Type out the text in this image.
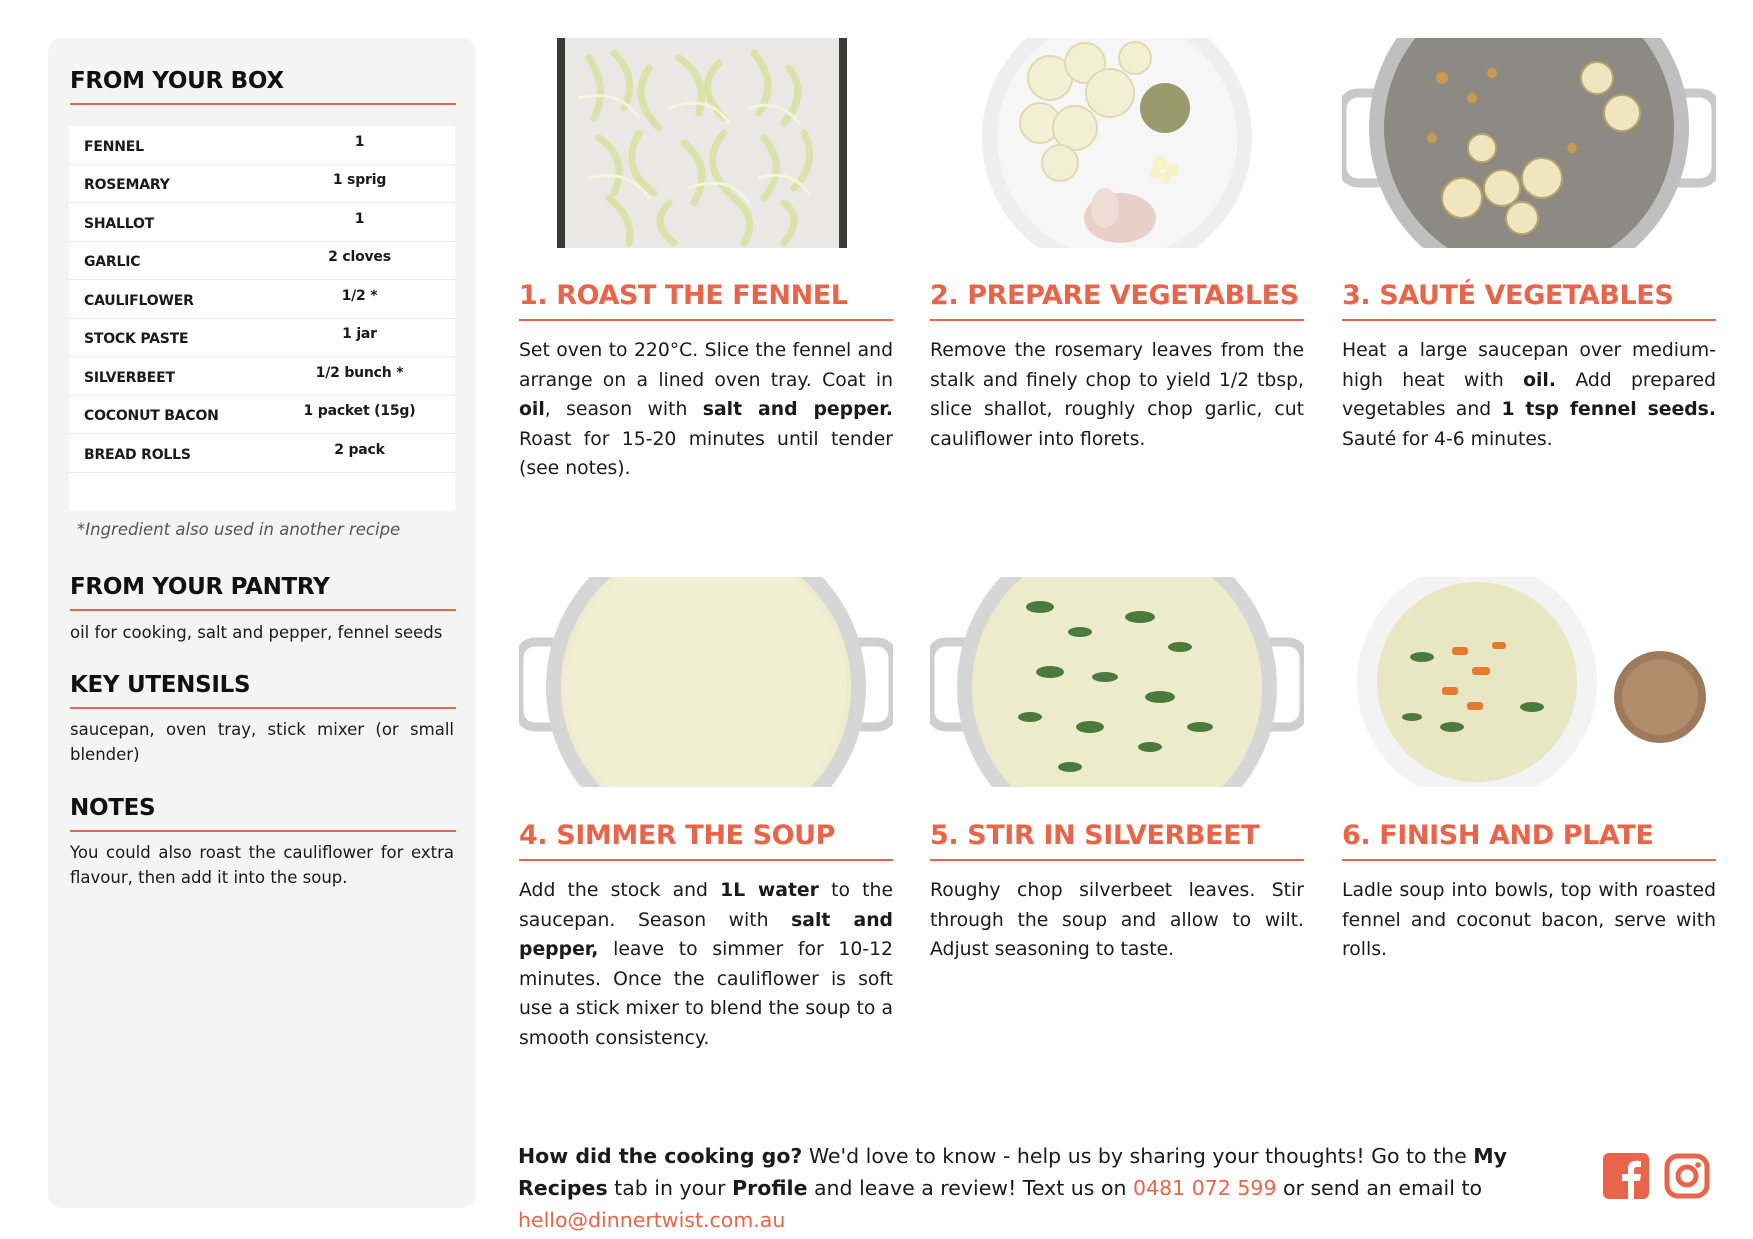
FROM YOUR BOX
FENNEL	1
ROSEMARY	1 sprig
SHALLOT	1
GARLIC	2 cloves
CAULIFLOWER	1/2 *
STOCK PASTE	1 jar
SILVERBEET	1/2 bunch *
COCONUT BACON	1 packet (15g)
BREAD ROLLS	2 pack
*Ingredient also used in another recipe
FROM YOUR PANTRY
oil for cooking, salt and pepper, fennel seeds
KEY UTENSILS
saucepan, oven tray, stick mixer (or small blender)
NOTES
You could also roast the cauliflower for extra flavour, then add it into the soup.
1. ROAST THE FENNEL
Set oven to 220°C. Slice the fennel and arrange on a lined oven tray. Coat in oil, season with salt and pepper. Roast for 15-20 minutes until tender (see notes).
2. PREPARE VEGETABLES
Remove the rosemary leaves from the stalk and finely chop to yield 1/2 tbsp, slice shallot, roughly chop garlic, cut cauliflower into florets.
3. SAUTÉ VEGETABLES
Heat a large saucepan over medium-high heat with oil. Add prepared vegetables and 1 tsp fennel seeds. Sauté for 4-6 minutes.
4. SIMMER THE SOUP
Add the stock and 1L water to the saucepan. Season with salt and pepper, leave to simmer for 10-12 minutes. Once the cauliflower is soft use a stick mixer to blend the soup to a smooth consistency.
5. STIR IN SILVERBEET
Roughy chop silverbeet leaves. Stir through the soup and allow to wilt. Adjust seasoning to taste.
6. FINISH AND PLATE
Ladle soup into bowls, top with roasted fennel and coconut bacon, serve with rolls.
How did the cooking go? We'd love to know - help us by sharing your thoughts! Go to the My Recipes tab in your Profile and leave a review! Text us on 0481 072 599 or send an email to hello@dinnertwist.com.au
